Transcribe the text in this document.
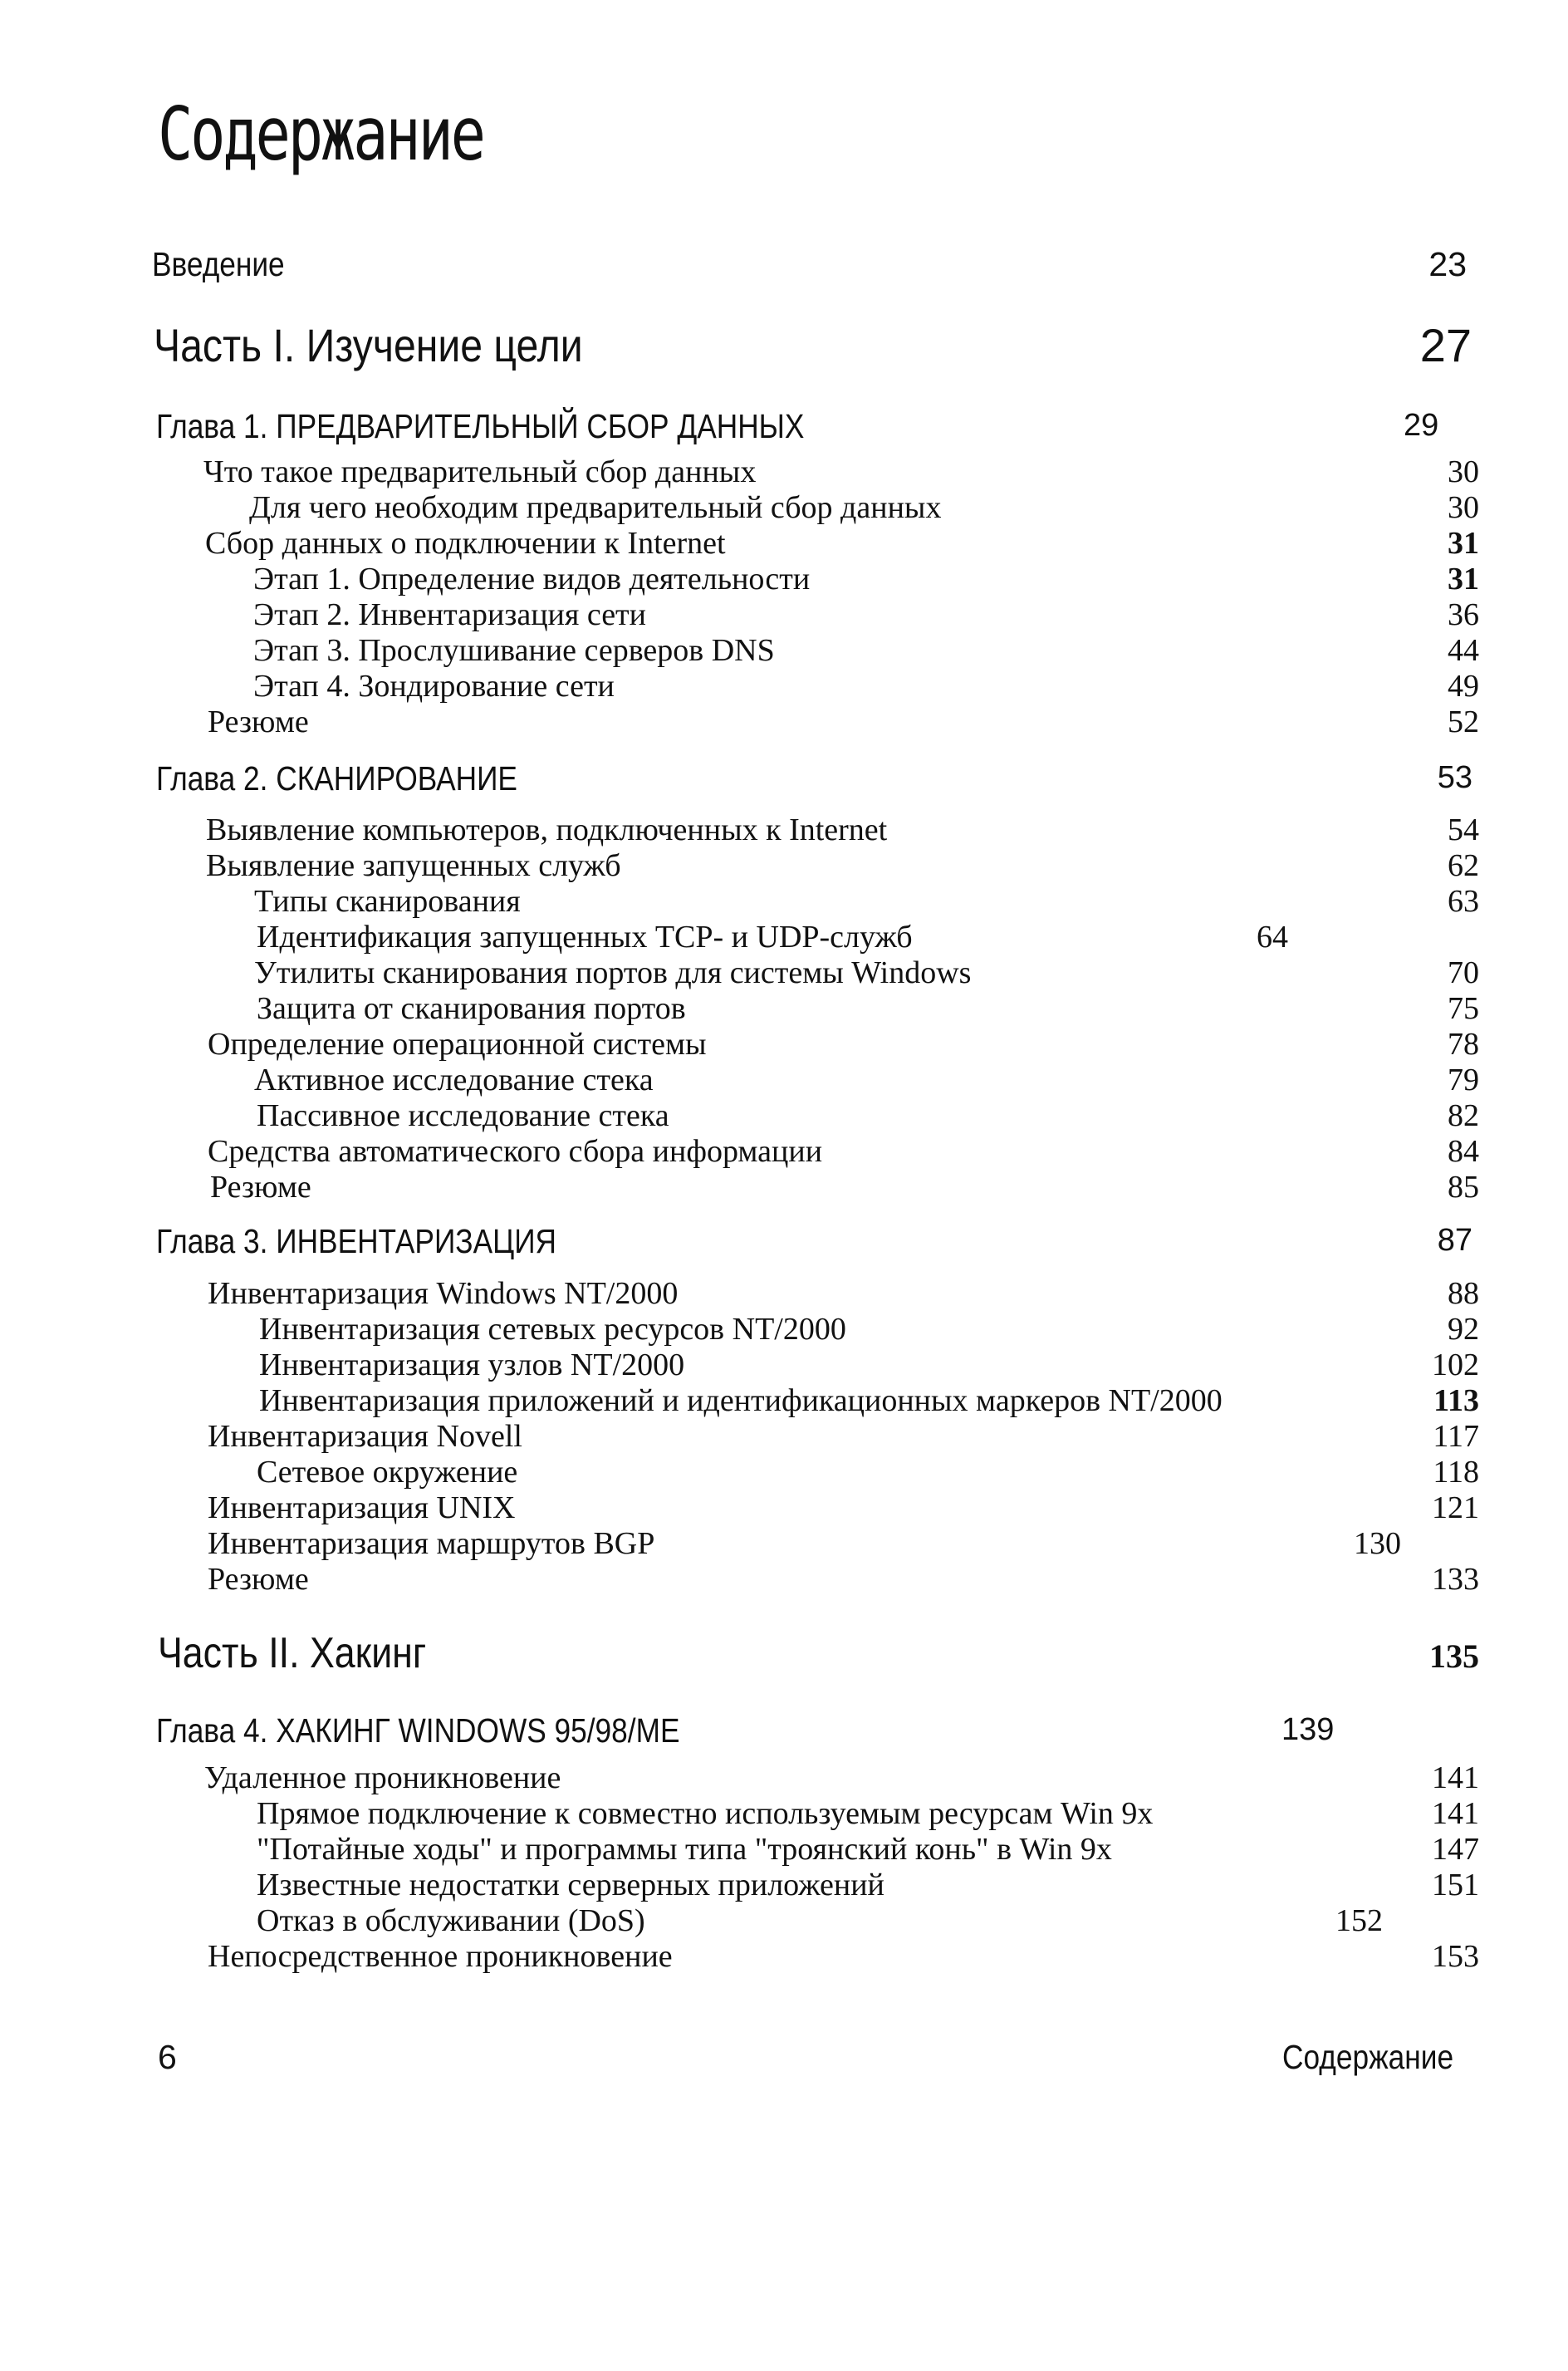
Содержание
Введение	23
Часть I. Изучение цели	27
Глава 1. ПРЕДВАРИТЕЛЬНЫЙ СБОР ДАННЫХ	29
Что такое предварительный сбор данных	30
Для чего необходим предварительный сбор данных	30
Сбор данных о подключении к Internet	31
Этап 1. Определение видов деятельности	31
Этап 2. Инвентаризация сети	36
Этап 3. Прослушивание серверов DNS	44
Этап 4. Зондирование сети	49
Резюме	52
Глава 2. СКАНИРОВАНИЕ	53
Выявление компьютеров, подключенных к Internet	54
Выявление запущенных служб	62
Типы сканирования	63
Идентификация запущенных TCP- и UDP-служб	64
Утилиты сканирования портов для системы Windows	70
Защита от сканирования портов	75
Определение операционной системы	78
Активное исследование стека	79
Пассивное исследование стека	82
Средства автоматического сбора информации	84
Резюме	85
Глава 3. ИНВЕНТАРИЗАЦИЯ	87
Инвентаризация Windows NT/2000	88
Инвентаризация сетевых ресурсов NT/2000	92
Инвентаризация узлов NT/2000	102
Инвентаризация приложений и идентификационных маркеров NT/2000	113
Инвентаризация Novell	117
Сетевое окружение	118
Инвентаризация UNIX	121
Инвентаризация маршрутов BGP	130
Резюме	133
Часть II. Хакинг	135
Глава 4. ХАКИНГ WINDOWS 95/98/ME	139
Удаленное проникновение	141
Прямое подключение к совместно используемым ресурсам Win 9x	141
"Потайные ходы" и программы типа "троянский конь" в Win 9x	147
Известные недостатки серверных приложений	151
Отказ в обслуживании (DoS)	152
Непосредственное проникновение	153
6	Содержание
